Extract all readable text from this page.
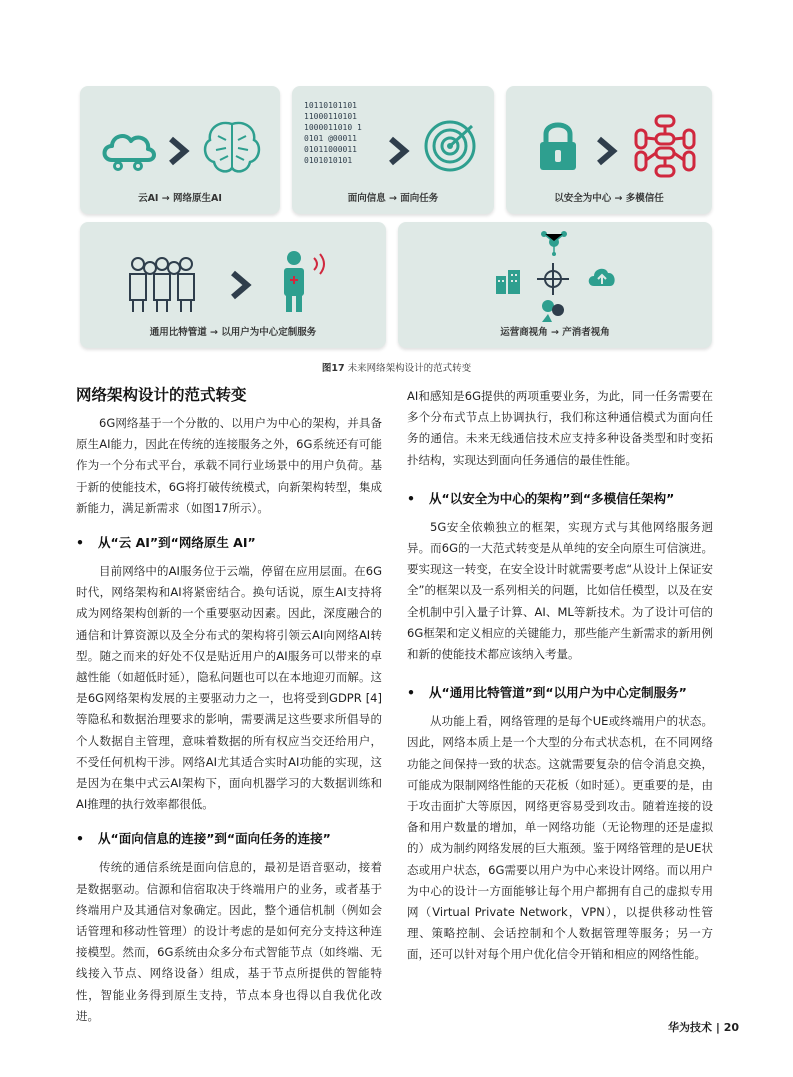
云AI → 网络原生AI
10110101101
11000110101
1000011010 1
0101 @00011
01011000011
0101010101
面向信息 → 面向任务	以安全为中心 → 多模信任
通用比特管道 → 以用户为中心定制服务	运营商视角 → 产消者视角
图17 未来网络架构设计的范式转变
网络架构设计的范式转变

6G网络基于一个分散的、以用户为中心的架构，并具备原生AI能力，因此在传统的连接服务之外，6G系统还有可能作为一个分布式平台，承载不同行业场景中的用户负荷。基于新的使能技术，6G将打破传统模式，向新架构转型，集成新能力，满足新需求（如图17所示）。

• 从“云 AI”到“网络原生 AI”

目前网络中的AI服务位于云端，停留在应用层面。在6G时代，网络架构和AI将紧密结合。换句话说，原生AI支持将成为网络架构创新的一个重要驱动因素。因此，深度融合的通信和计算资源以及全分布式的架构将引领云AI向网络AI转型。随之而来的好处不仅是贴近用户的AI服务可以带来的卓越性能（如超低时延），隐私问题也可以在本地迎刃而解。这是6G网络架构发展的主要驱动力之一，也将受到GDPR [4]等隐私和数据治理要求的影响，需要满足这些要求所倡导的个人数据自主管理，意味着数据的所有权应当交还给用户，不受任何机构干涉。网络AI尤其适合实时AI功能的实现，这是因为在集中式云AI架构下，面向机器学习的大数据训练和AI推理的执行效率都很低。

• 从“面向信息的连接”到“面向任务的连接”

传统的通信系统是面向信息的，最初是语音驱动，接着是数据驱动。信源和信宿取决于终端用户的业务，或者基于终端用户及其通信对象确定。因此，整个通信机制（例如会话管理和移动性管理）的设计考虑的是如何充分支持这种连接模型。然而，6G系统由众多分布式智能节点（如终端、无线接入节点、网络设备）组成，基于节点所提供的智能特性，智能业务得到原生支持，节点本身也得以自我优化改进。

AI和感知是6G提供的两项重要业务，为此，同一任务需要在多个分布式节点上协调执行，我们称这种通信模式为面向任务的通信。未来无线通信技术应支持多种设备类型和时变拓扑结构，实现达到面向任务通信的最佳性能。

• 从“以安全为中心的架构”到“多模信任架构”

5G安全依赖独立的框架，实现方式与其他网络服务迥异。而6G的一大范式转变是从单纯的安全向原生可信演进。要实现这一转变，在安全设计时就需要考虑“从设计上保证安全”的框架以及一系列相关的问题，比如信任模型，以及在安全机制中引入量子计算、AI、ML等新技术。为了设计可信的6G框架和定义相应的关键能力，那些能产生新需求的新用例和新的使能技术都应该纳入考量。

• 从“通用比特管道”到“以用户为中心定制服务”

从功能上看，网络管理的是每个UE或终端用户的状态。因此，网络本质上是一个大型的分布式状态机，在不同网络功能之间保持一致的状态。这就需要复杂的信令消息交换，可能成为限制网络性能的天花板（如时延）。更重要的是，由于攻击面扩大等原因，网络更容易受到攻击。随着连接的设备和用户数量的增加，单一网络功能（无论物理的还是虚拟的）成为制约网络发展的巨大瓶颈。鉴于网络管理的是UE状态或用户状态，6G需要以用户为中心来设计网络。而以用户为中心的设计一方面能够让每个用户都拥有自己的虚拟专用网（Virtual Private Network，VPN），以提供移动性管理、策略控制、会话控制和个人数据管理等服务；另一方面，还可以针对每个用户优化信令开销和相应的网络性能。

华为技术 | 20
